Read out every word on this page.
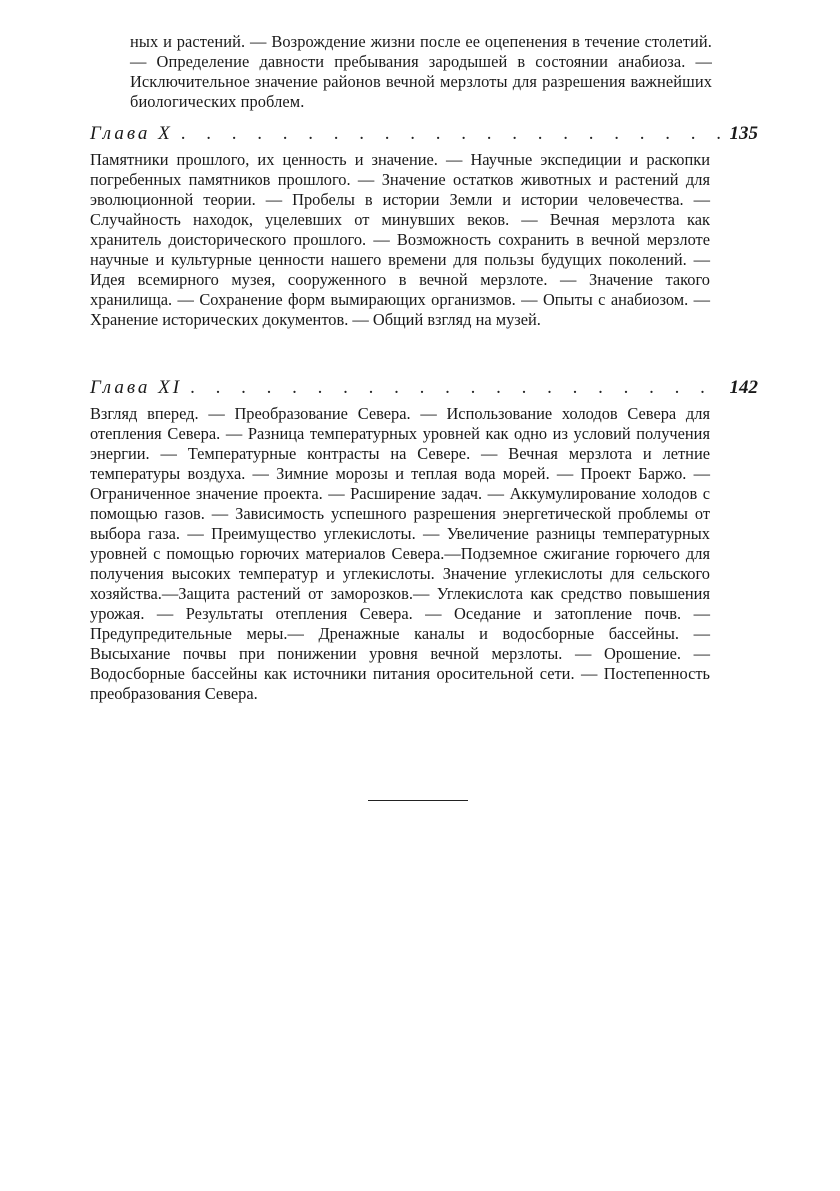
ных и растений. — Возрождение жизни после ее оцепенения в течение столетий. — Определение давности пребывания зародышей в состоянии анабиоза. — Исключительное значение районов вечной мерзлоты для разрешения важнейших биологических проблем.
Глава X . . .	135
Памятники прошлого, их ценность и значение. — Научные экспедиции и раскопки погребенных памятников прошлого. — Значение остатков животных и растений для эволюционной теории. — Пробелы в истории Земли и истории человечества. — Случайность находок, уцелевших от минувших веков. — Вечная мерзлота как хранитель доисторического прошлого. — Возможность сохранить в вечной мерзлоте научные и культурные ценности нашего времени для пользы будущих поколений. — Идея всемирного музея, сооруженного в вечной мерзлоте. — Значение такого хранилища. — Сохранение форм вымирающих организмов. — Опыты с анабиозом. — Хранение исторических документов. — Общий взгляд на музей.
Глава XI . . .	142
Взгляд вперед. — Преобразование Севера. — Использование холодов Севера для отепления Севера. — Разница температурных уровней как одно из условий получения энергии. — Температурные контрасты на Севере. — Вечная мерзлота и летние температуры воздуха. — Зимние морозы и теплая вода морей. — Проект Баржо. — Ограниченное значение проекта. — Расширение задач. — Аккумулирование холодов с помощью газов. — Зависимость успешного разрешения энергетической проблемы от выбора газа. — Преимущество углекислоты. — Увеличение разницы температурных уровней с помощью горючих материалов Севера.—Подземное сжигание горючего для получения высоких температур и углекислоты. Значение углекислоты для сельского хозяйства.—Защита растений от заморозков.— Углекислота как средство повышения урожая. — Результаты отепления Севера. — Оседание и затопление почв. — Предупредительные меры.— Дренажные каналы и водосборные бассейны. — Высыхание почвы при понижении уровня вечной мерзлоты. — Орошение. — Водосборные бассейны как источники питания оросительной сети. — Постепенность преобразования Севера.
